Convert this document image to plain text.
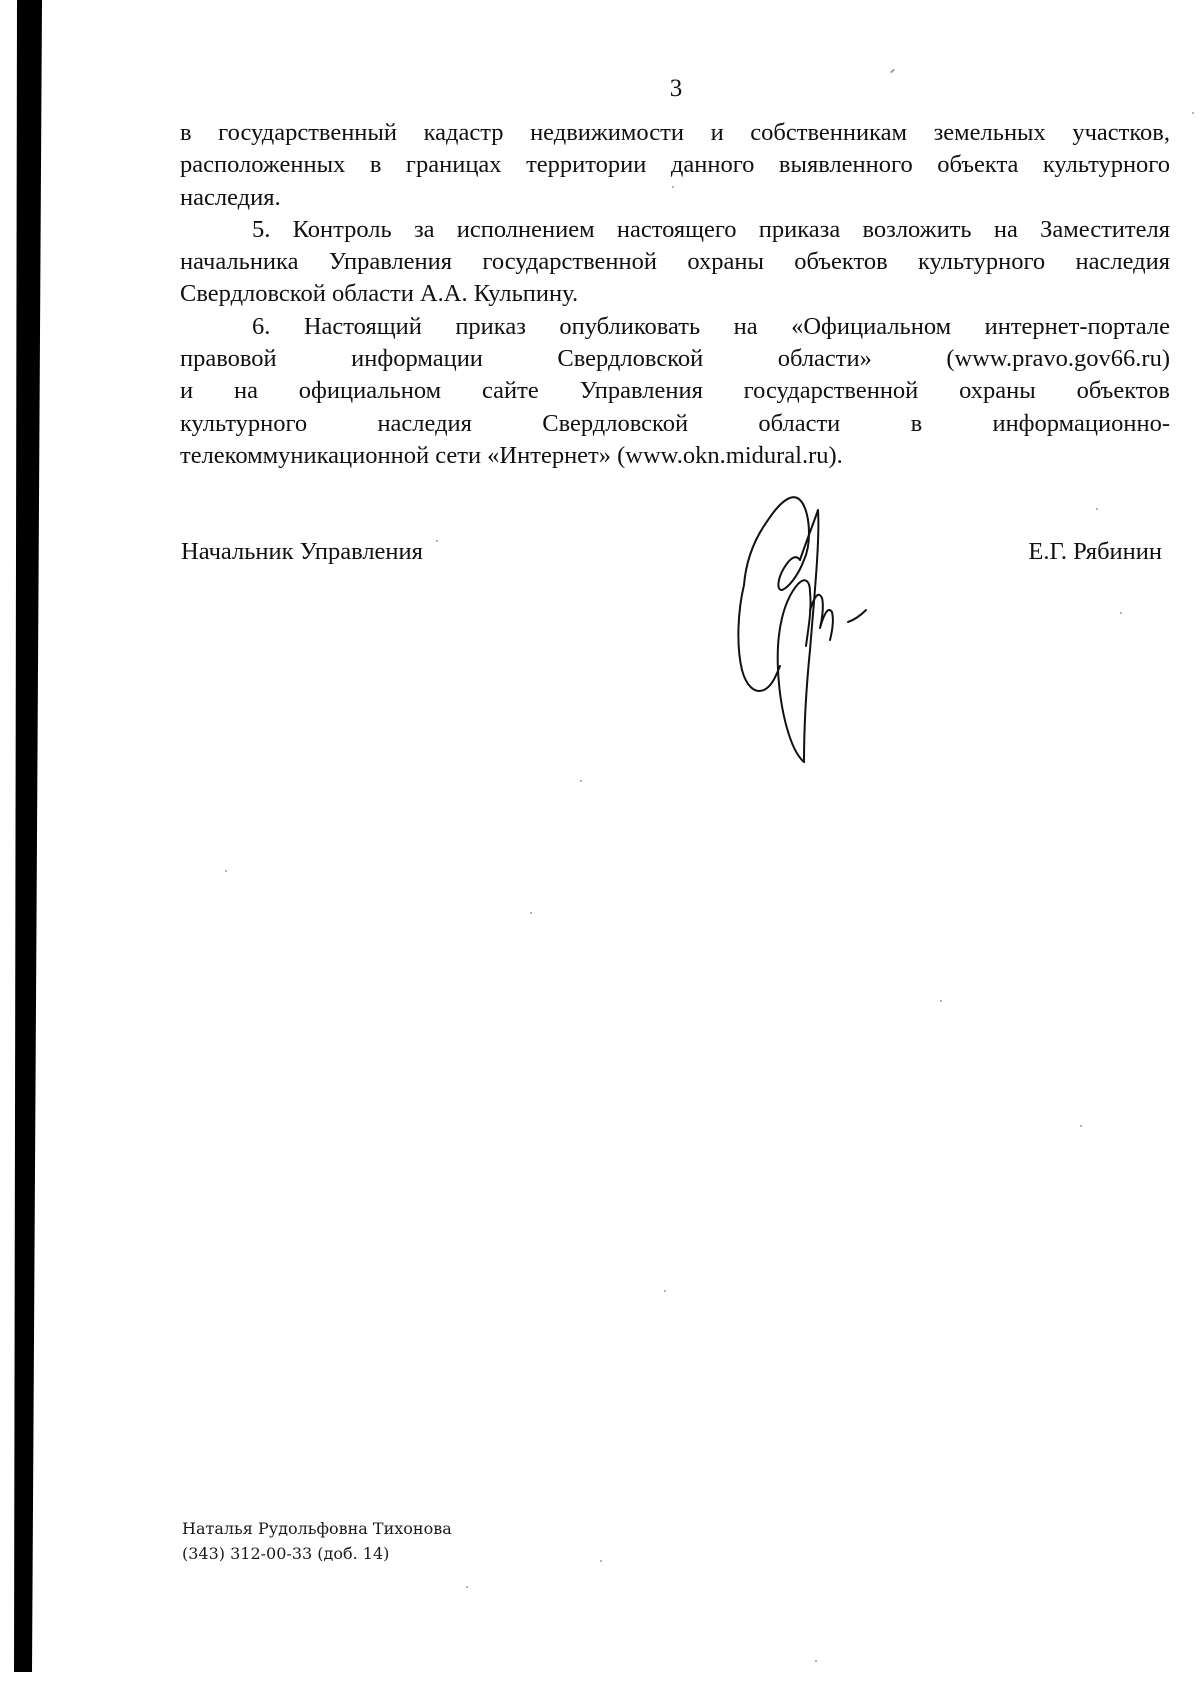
3

в государственный кадастр недвижимости и собственникам земельных участков,
расположенных в границах территории данного выявленного объекта культурного
наследия.

5. Контроль за исполнением настоящего приказа возложить на Заместителя
начальника Управления государственной охраны объектов культурного наследия
Свердловской области А.А. Кульпину.

6. Настоящий приказ опубликовать на «Официальном интернет-портале
правовой информации Свердловской области» (www.pravo.gov66.ru)
и на официальном сайте Управления государственной охраны объектов
культурного наследия Свердловской области в информационно-
телекоммуникационной сети «Интернет» (www.okn.midural.ru).

Начальник Управления	Е.Г. Рябинин
Наталья Рудольфовна Тихонова
(343) 312-00-33 (доб. 14)
